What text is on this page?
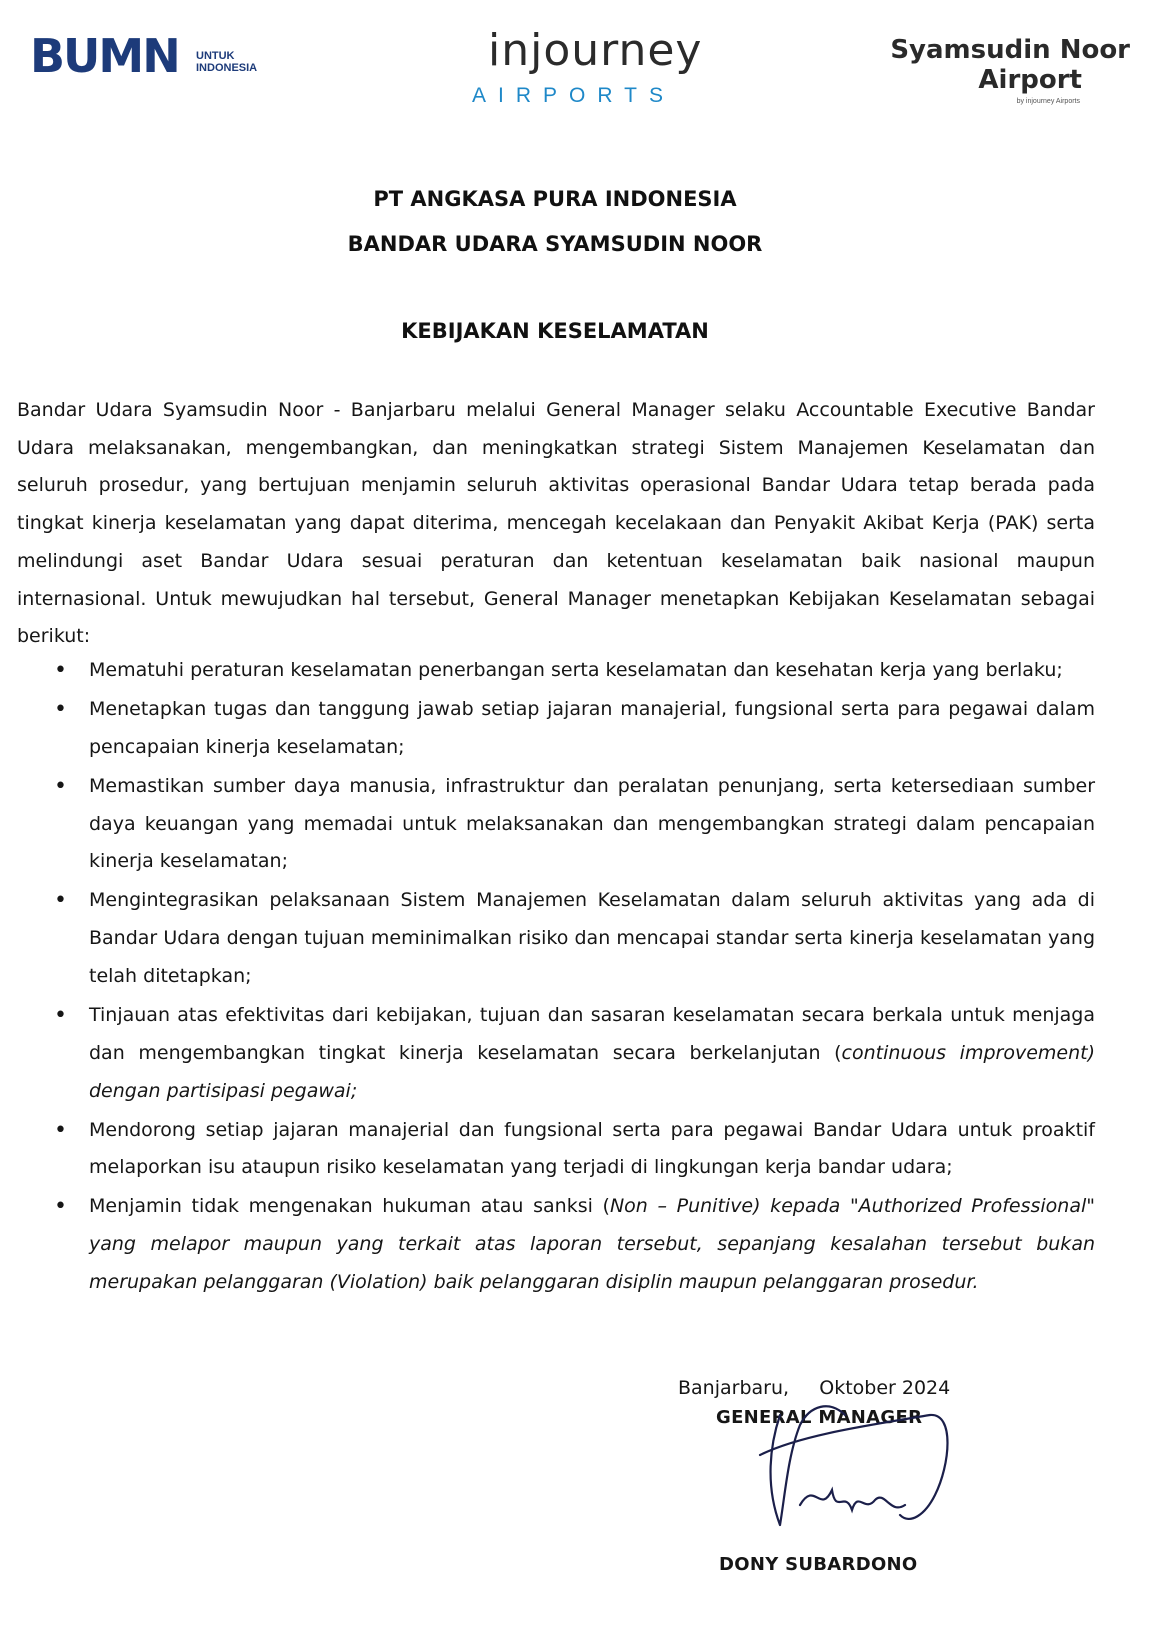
BUMN UNTUK
INDONESIA	injourney
AIRPORTS
Syamsudin Noor
Airport
by injourney Airports
PT ANGKASA PURA INDONESIA
BANDAR UDARA SYAMSUDIN NOOR
KEBIJAKAN KESELAMATAN

Bandar Udara Syamsudin Noor - Banjarbaru melalui General Manager selaku Accountable Executive Bandar Udara melaksanakan, mengembangkan, dan meningkatkan strategi Sistem Manajemen Keselamatan dan seluruh prosedur, yang bertujuan menjamin seluruh aktivitas operasional Bandar Udara tetap berada pada tingkat kinerja keselamatan yang dapat diterima, mencegah kecelakaan dan Penyakit Akibat Kerja (PAK) serta melindungi aset Bandar Udara sesuai peraturan dan ketentuan keselamatan baik nasional maupun internasional. Untuk mewujudkan hal tersebut, General Manager menetapkan Kebijakan Keselamatan sebagai berikut:

• Mematuhi peraturan keselamatan penerbangan serta keselamatan dan kesehatan kerja yang berlaku;
• Menetapkan tugas dan tanggung jawab setiap jajaran manajerial, fungsional serta para pegawai dalam pencapaian kinerja keselamatan;
• Memastikan sumber daya manusia, infrastruktur dan peralatan penunjang, serta ketersediaan sumber daya keuangan yang memadai untuk melaksanakan dan mengembangkan strategi dalam pencapaian kinerja keselamatan;
• Mengintegrasikan pelaksanaan Sistem Manajemen Keselamatan dalam seluruh aktivitas yang ada di Bandar Udara dengan tujuan meminimalkan risiko dan mencapai standar serta kinerja keselamatan yang telah ditetapkan;
• Tinjauan atas efektivitas dari kebijakan, tujuan dan sasaran keselamatan secara berkala untuk menjaga dan mengembangkan tingkat kinerja keselamatan secara berkelanjutan (continuous improvement) dengan partisipasi pegawai;
• Mendorong setiap jajaran manajerial dan fungsional serta para pegawai Bandar Udara untuk proaktif melaporkan isu ataupun risiko keselamatan yang terjadi di lingkungan kerja bandar udara;
• Menjamin tidak mengenakan hukuman atau sanksi (Non – Punitive) kepada "Authorized Professional" yang melapor maupun yang terkait atas laporan tersebut, sepanjang kesalahan tersebut bukan merupakan pelanggaran (Violation) baik pelanggaran disiplin maupun pelanggaran prosedur.
Banjarbaru,     Oktober 2024
GENERAL MANAGER
DONY SUBARDONO
